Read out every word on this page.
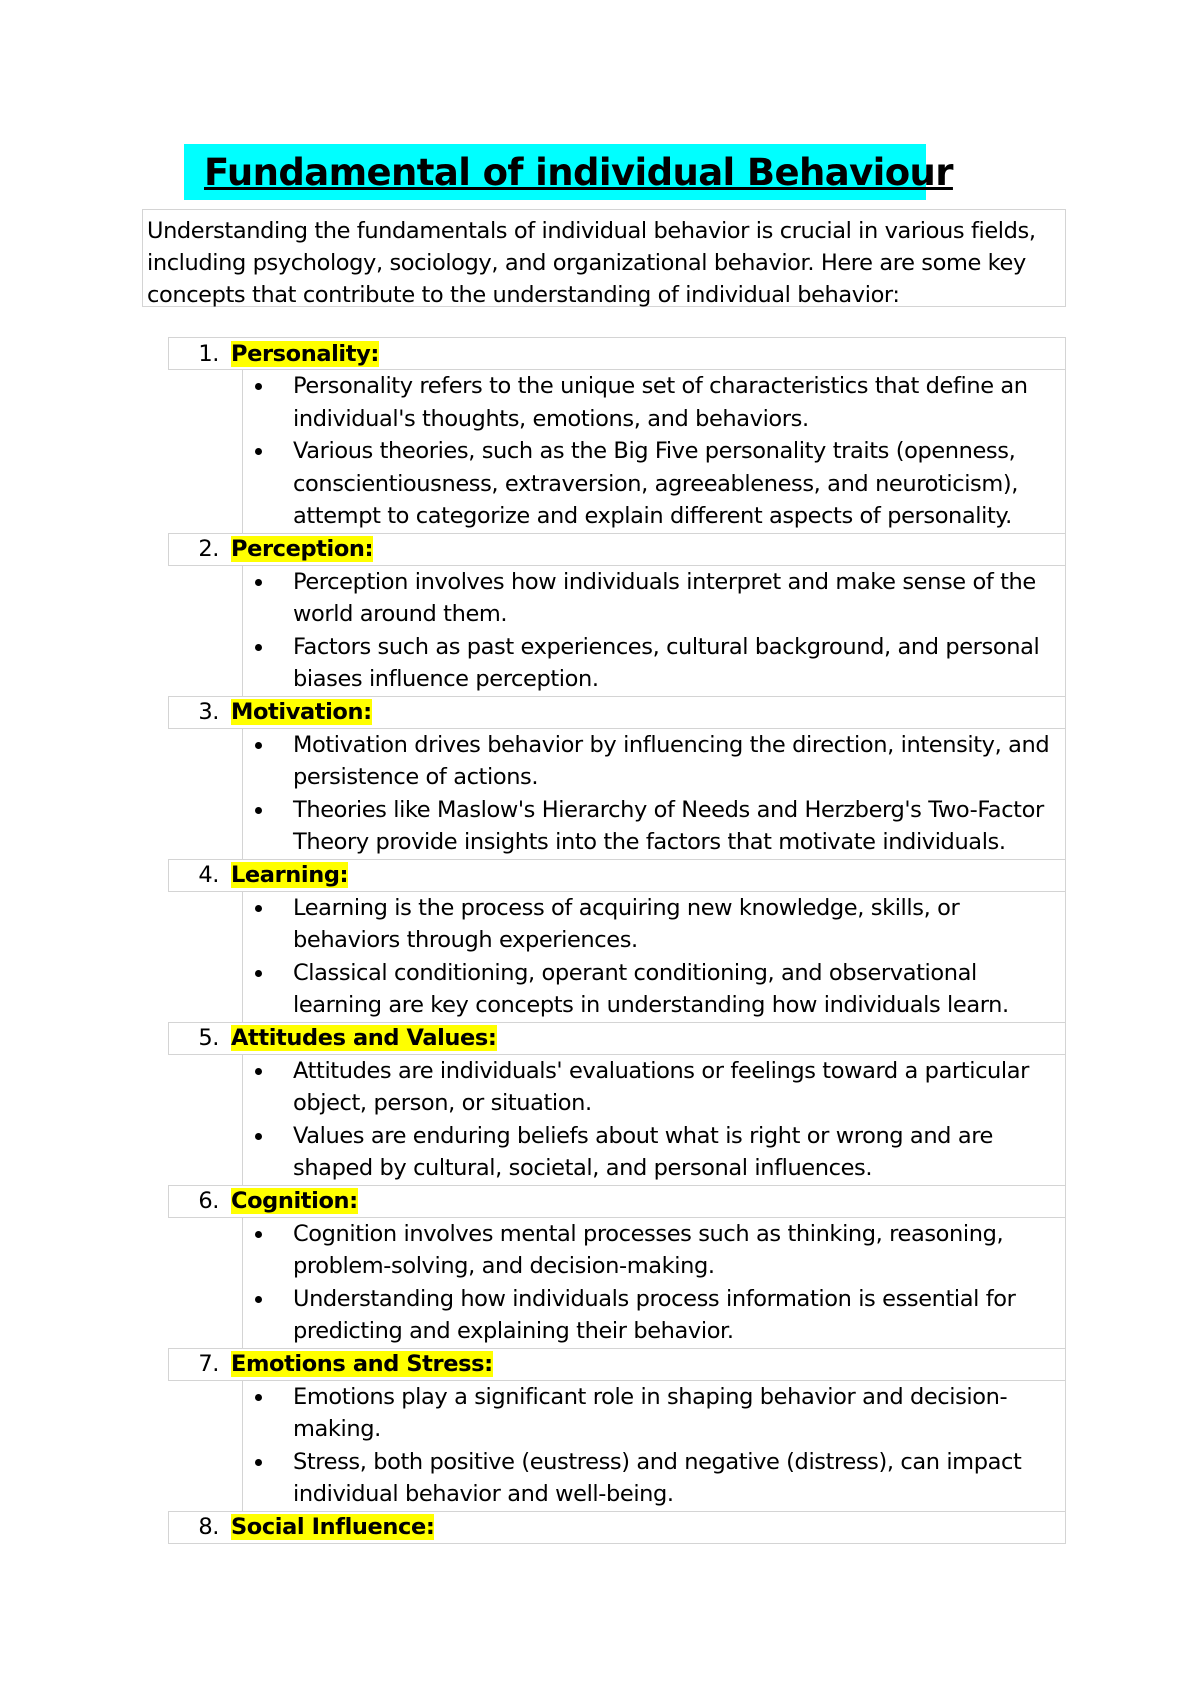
Fundamental of individual Behaviour
Understanding the fundamentals of individual behavior is crucial in various fields, including psychology, sociology, and organizational behavior. Here are some key concepts that contribute to the understanding of individual behavior:
1. Personality:
Personality refers to the unique set of characteristics that define an individual's thoughts, emotions, and behaviors.
Various theories, such as the Big Five personality traits (openness, conscientiousness, extraversion, agreeableness, and neuroticism), attempt to categorize and explain different aspects of personality.
2. Perception:
Perception involves how individuals interpret and make sense of the world around them.
Factors such as past experiences, cultural background, and personal biases influence perception.
3. Motivation:
Motivation drives behavior by influencing the direction, intensity, and persistence of actions.
Theories like Maslow's Hierarchy of Needs and Herzberg's Two-Factor Theory provide insights into the factors that motivate individuals.
4. Learning:
Learning is the process of acquiring new knowledge, skills, or behaviors through experiences.
Classical conditioning, operant conditioning, and observational learning are key concepts in understanding how individuals learn.
5. Attitudes and Values:
Attitudes are individuals' evaluations or feelings toward a particular object, person, or situation.
Values are enduring beliefs about what is right or wrong and are shaped by cultural, societal, and personal influences.
6. Cognition:
Cognition involves mental processes such as thinking, reasoning, problem-solving, and decision-making.
Understanding how individuals process information is essential for predicting and explaining their behavior.
7. Emotions and Stress:
Emotions play a significant role in shaping behavior and decision-making.
Stress, both positive (eustress) and negative (distress), can impact individual behavior and well-being.
8. Social Influence:
